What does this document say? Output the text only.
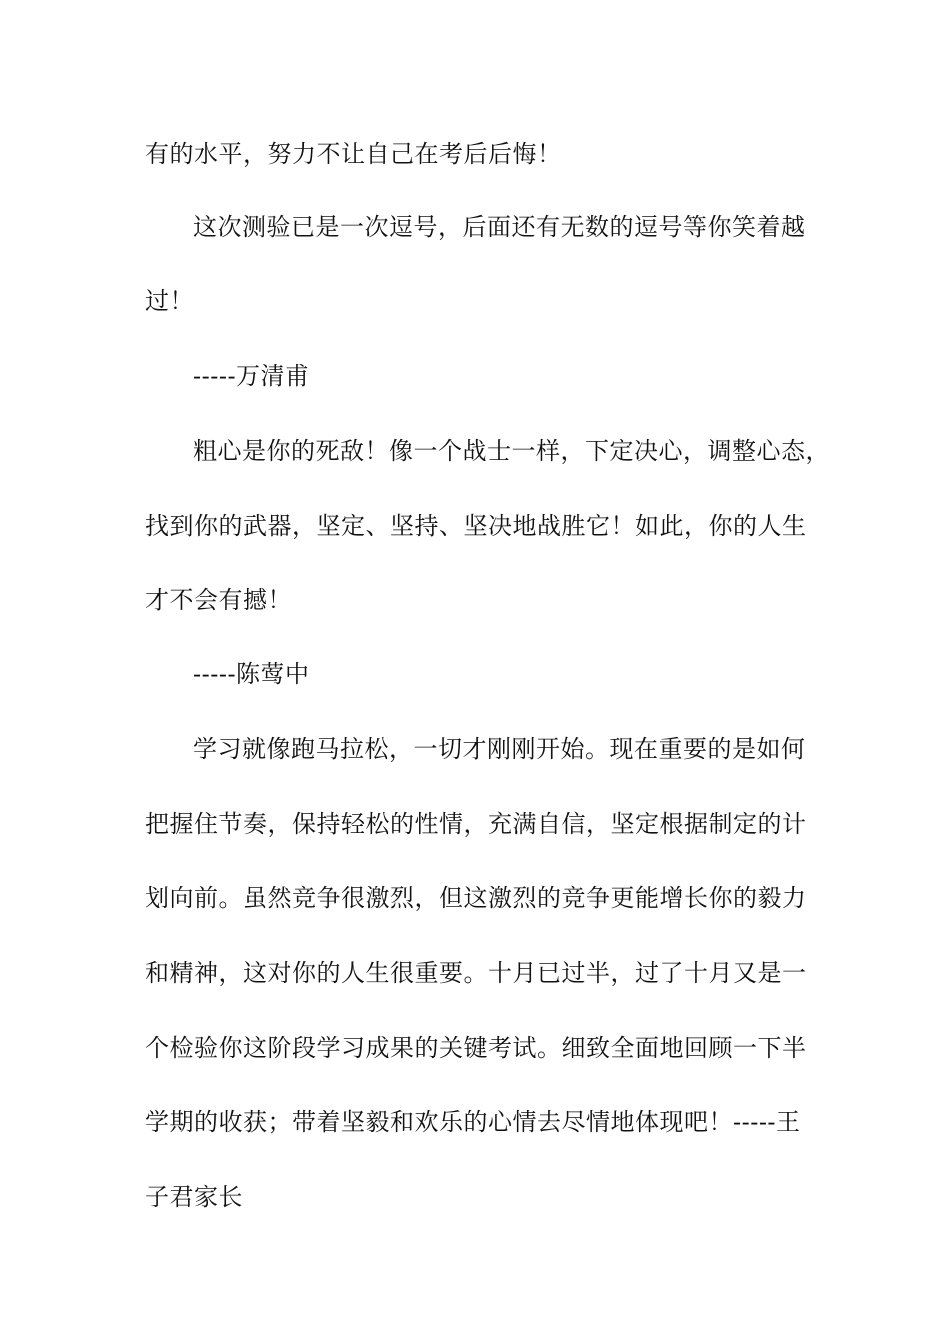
有的水平，努力不让自己在考后后悔！
这次测验已是一次逗号，后面还有无数的逗号等你笑着越
过！
-----万清甫
粗心是你的死敌！像一个战士一样，下定决心，调整心态，
找到你的武器，坚定、坚持、坚决地战胜它！如此，你的人生
才不会有撼！
-----陈莺中
学习就像跑马拉松，一切才刚刚开始。现在重要的是如何
把握住节奏，保持轻松的性情，充满自信，坚定根据制定的计
划向前。虽然竞争很激烈，但这激烈的竞争更能增长你的毅力
和精神，这对你的人生很重要。十月已过半，过了十月又是一
个检验你这阶段学习成果的关键考试。细致全面地回顾一下半
学期的收获；带着坚毅和欢乐的心情去尽情地体现吧！-----王
子君家长
